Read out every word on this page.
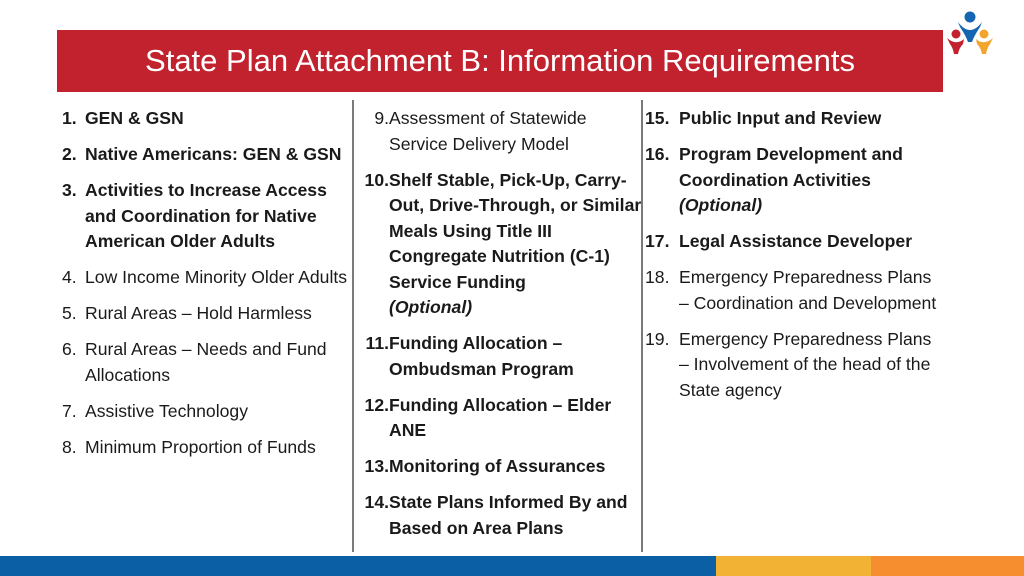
State Plan Attachment B: Information Requirements
1. GEN & GSN
2. Native Americans: GEN & GSN
3. Activities to Increase Access and Coordination for Native American Older Adults
4. Low Income Minority Older Adults
5. Rural Areas – Hold Harmless
6. Rural Areas – Needs and Fund Allocations
7. Assistive Technology
8. Minimum Proportion of Funds
9. Assessment of Statewide Service Delivery Model
10. Shelf Stable, Pick-Up, Carry-Out, Drive-Through, or Similar Meals Using Title III Congregate Nutrition (C-1) Service Funding
(Optional)
11. Funding Allocation – Ombudsman Program
12. Funding Allocation – Elder ANE
13. Monitoring of Assurances
14. State Plans Informed By and Based on Area Plans
15. Public Input and Review
16. Program Development and Coordination Activities
(Optional)
17. Legal Assistance Developer
18. Emergency Preparedness Plans – Coordination and Development
19. Emergency Preparedness Plans – Involvement of the head of the State agency
